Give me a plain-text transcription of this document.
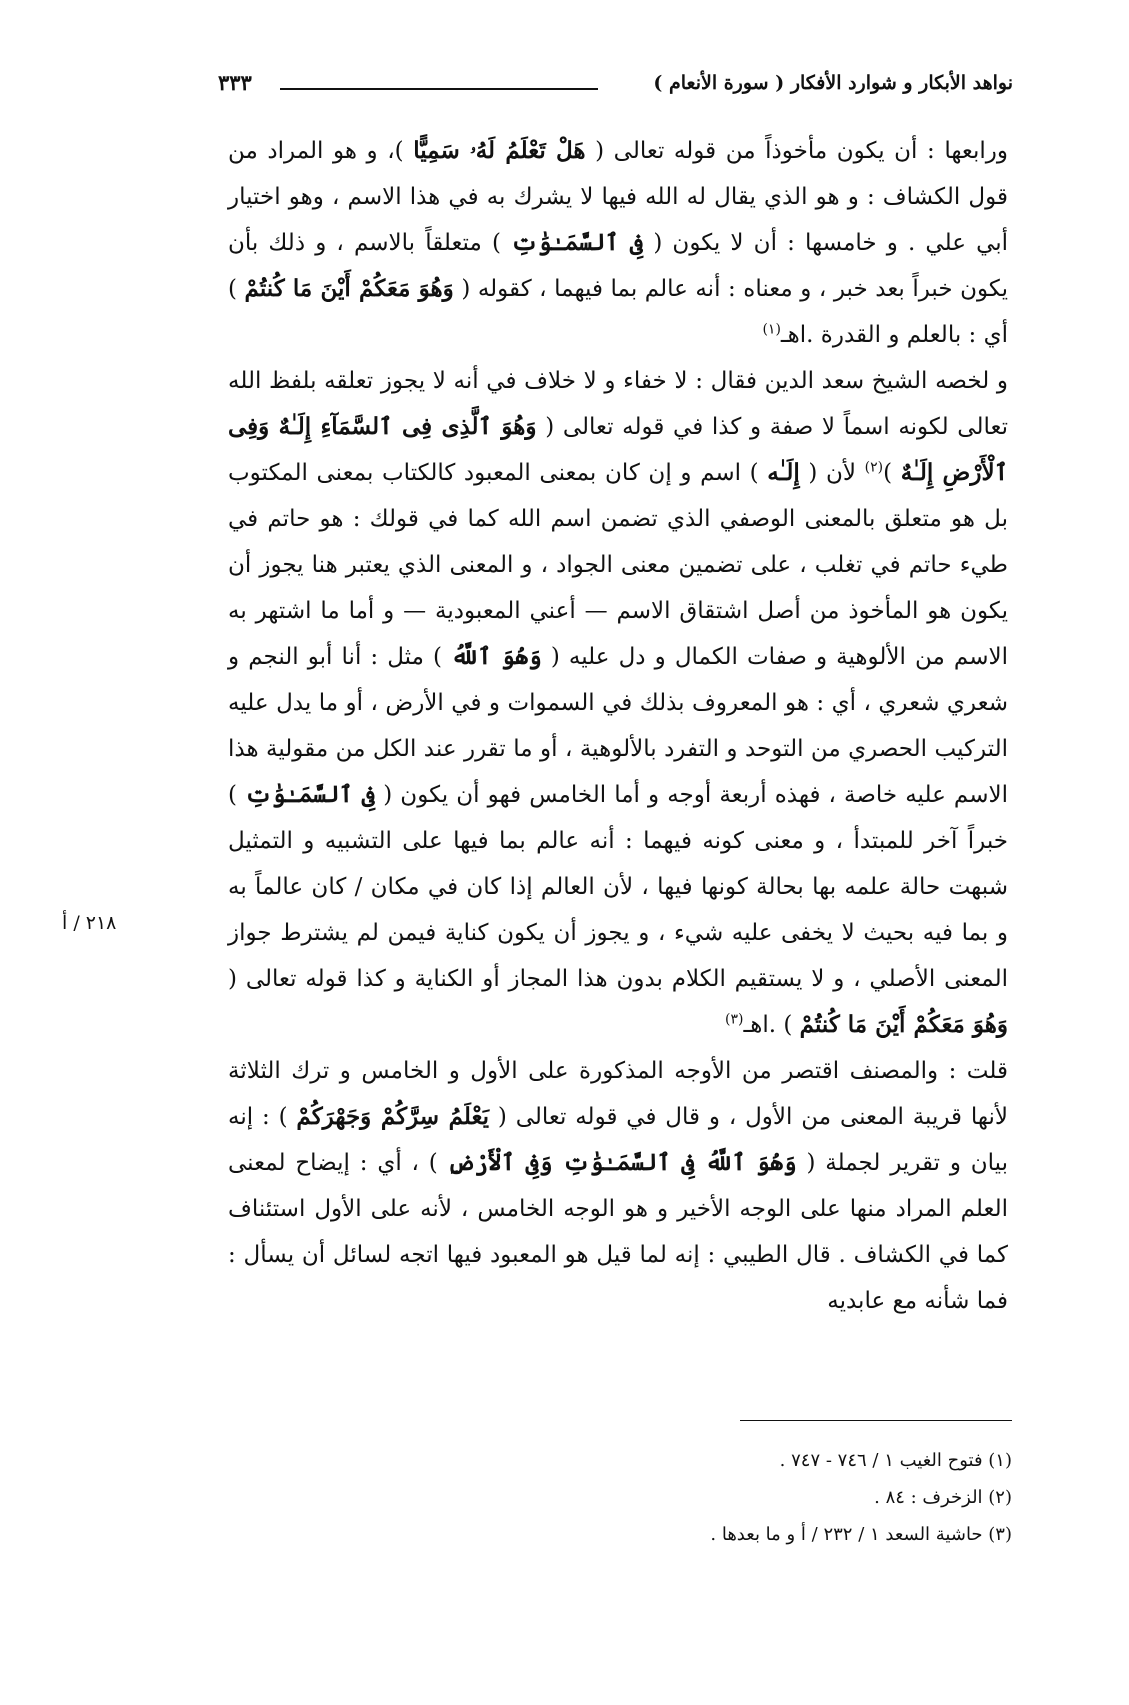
نواهد الأبكار و شوارد الأفكار ( سورة الأنعام )
٣٣٣
٢١٨ / أ

ورابعها : أن يكون مأخوذاً من قوله تعالى ( هَلْ تَعْلَمُ لَهُۥ سَمِيًّا )، و هو المراد من قول الكشاف : و هو الذي يقال له الله فيها لا يشرك به في هذا الاسم ، وهو اختيار أبي علي . و خامسها : أن لا يكون ( فِى ٱلسَّمَـٰوَٰتِ ) متعلقاً بالاسم ، و ذلك بأن يكون خبراً بعد خبر ، و معناه : أنه عالم بما فيهما ، كقوله ( وَهُوَ مَعَكُمْ أَيْنَ مَا كُنتُمْ ) أي : بالعلم و القدرة .اهـ$^{(١)}$

و لخصه الشيخ سعد الدين فقال : لا خفاء و لا خلاف في أنه لا يجوز تعلقه بلفظ الله تعالى لكونه اسماً لا صفة و كذا في قوله تعالى ( وَهُوَ ٱلَّذِى فِى ٱلسَّمَآءِ إِلَـٰهٌ وَفِى ٱلْأَرْضِ إِلَـٰهٌ )$^{(٢)}$ لأن ( إِلَـٰه ) اسم و إن كان بمعنى المعبود كالكتاب بمعنى المكتوب بل هو متعلق بالمعنى الوصفي الذي تضمن اسم الله كما في قولك : هو حاتم في طيء حاتم في تغلب ، على تضمين معنى الجواد ، و المعنى الذي يعتبر هنا يجوز أن يكون هو المأخوذ من أصل اشتقاق الاسم — أعني المعبودية — و أما ما اشتهر به الاسم من الألوهية و صفات الكمال و دل عليه ( وَهُوَ ٱللَّهُ ) مثل : أنا أبو النجم و شعري شعري ، أي : هو المعروف بذلك في السموات و في الأرض ، أو ما يدل عليه التركيب الحصري من التوحد و التفرد بالألوهية ، أو ما تقرر عند الكل من مقولية هذا الاسم عليه خاصة ، فهذه أربعة أوجه و أما الخامس فهو أن يكون ( فِى ٱلسَّمَـٰوَٰتِ ) خبراً آخر للمبتدأ ، و معنى كونه فيهما : أنه عالم بما فيها على التشبيه و التمثيل شبهت حالة علمه بها بحالة كونها فيها ، لأن العالم إذا كان في مكان / كان عالماً به و بما فيه بحيث لا يخفى عليه شيء ، و يجوز أن يكون كناية فيمن لم يشترط جواز المعنى الأصلي ، و لا يستقيم الكلام بدون هذا المجاز أو الكناية و كذا قوله تعالى ( وَهُوَ مَعَكُمْ أَيْنَ مَا كُنتُمْ ) .اهـ$^{(٣)}$

قلت : والمصنف اقتصر من الأوجه المذكورة على الأول و الخامس و ترك الثلاثة لأنها قريبة المعنى من الأول ، و قال في قوله تعالى ( يَعْلَمُ سِرَّكُمْ وَجَهْرَكُمْ ) : إنه بيان و تقرير لجملة ( وَهُوَ ٱللَّهُ فِى ٱلسَّمَـٰوَٰتِ وَفِى ٱلْأَرْضِ ) ، أي : إيضاح لمعنى العلم المراد منها على الوجه الأخير و هو الوجه الخامس ، لأنه على الأول استئناف كما في الكشاف . قال الطيبي : إنه لما قيل هو المعبود فيها اتجه لسائل أن يسأل : فما شأنه مع عابديه

(١) فتوح الغيب ١ / ٧٤٦ - ٧٤٧ .
(٢) الزخرف : ٨٤ .
(٣) حاشية السعد ١ / ٢٣٢ / أ و ما بعدها .
